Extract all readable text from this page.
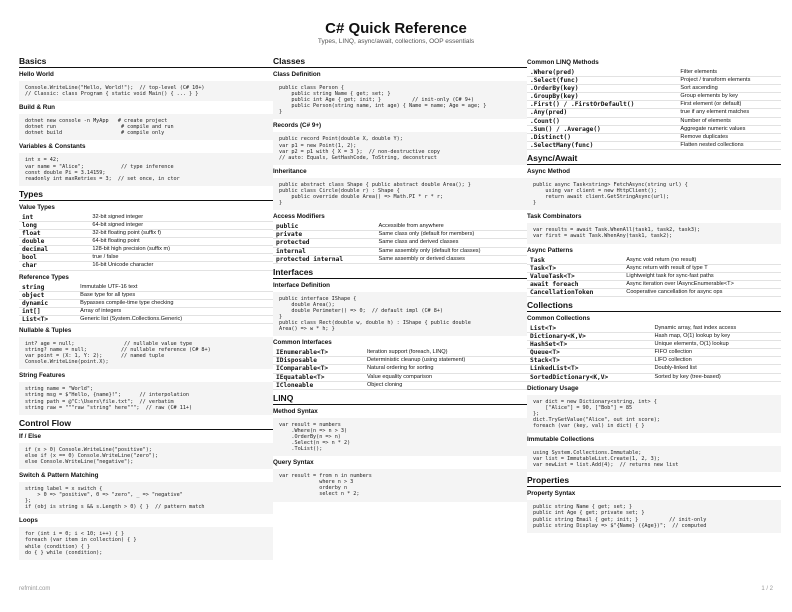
C# Quick Reference
Types, LINQ, async/await, collections, OOP essentials
Basics
Hello World
Console.WriteLine("Hello, World!");  // top-level (C# 10+)
// Classic: class Program { static void Main() { ... } }
Build & Run
dotnet new console -n MyApp   # create project
dotnet run                     # compile and run
dotnet build                   # compile only
Variables & Constants
int x = 42;
var name = "Alice";            // type inference
const double Pi = 3.14159;
readonly int maxRetries = 3;  // set once, in ctor
Types
Value Types
int	32-bit signed integer
long	64-bit signed integer
float	32-bit floating point (suffix f)
double	64-bit floating point
decimal	128-bit high precision (suffix m)
bool	true / false
char	16-bit Unicode character
Reference Types
string	Immutable UTF-16 text
object	Base type for all types
dynamic	Bypasses compile-time type checking
int[]	Array of integers
List<T>	Generic list (System.Collections.Generic)
Nullable & Tuples
int? age = null;                // nullable value type
string? name = null;           // nullable reference (C# 8+)
var point = (X: 1, Y: 2);      // named tuple
Console.WriteLine(point.X);
String Features
string name = "World";
string msg = $"Hello, {name}!";      // interpolation
string path = @"C:\Users\file.txt";  // verbatim
string raw = """raw "string" here""";  // raw (C# 11+)
Control Flow
If / Else
if (x > 0) Console.WriteLine("positive");
else if (x == 0) Console.WriteLine("zero");
else Console.WriteLine("negative");
Switch & Pattern Matching
string label = x switch {
> 0 => "positive", 0 => "zero", _ => "negative"
};
if (obj is string s && s.Length > 0) { }  // pattern match
Loops
for (int i = 0; i < 10; i++) { }
foreach (var item in collection) { }
while (condition) { }
do { } while (condition);
Classes
Class Definition
public class Person {
public string Name { get; set; }
public int Age { get; init; }          // init-only (C# 9+)
public Person(string name, int age) { Name = name; Age = age; }
}
Records (C# 9+)
public record Point(double X, double Y);
var p1 = new Point(1, 2);
var p2 = p1 with { X = 3 };  // non-destructive copy
// auto: Equals, GetHashCode, ToString, deconstruct
Inheritance
public abstract class Shape { public abstract double Area(); }
public class Circle(double r) : Shape {
public override double Area() => Math.PI * r * r;
}
Access Modifiers
public	Accessible from anywhere
private	Same class only (default for members)
protected	Same class and derived classes
internal	Same assembly only (default for classes)
protected internal	Same assembly or derived classes
Interfaces
Interface Definition
public interface IShape {
double Area();
double Perimeter() => 0;  // default impl (C# 8+)
}
public class Rect(double w, double h) : IShape { public double
Area() => w * h; }
Common Interfaces
IEnumerable<T>	Iteration support (foreach, LINQ)
IDisposable	Deterministic cleanup (using statement)
IComparable<T>	Natural ordering for sorting
IEquatable<T>	Value equality comparison
ICloneable	Object cloning
LINQ
Method Syntax
var result = numbers
.Where(n => n > 3)
.OrderBy(n => n)
.Select(n => n * 2)
.ToList();
Query Syntax
var result = from n in numbers
where n > 3
orderby n
select n * 2;
Common LINQ Methods
.Where(pred)	Filter elements
.Select(func)	Project / transform elements
.OrderBy(key)	Sort ascending
.GroupBy(key)	Group elements by key
.First() / .FirstOrDefault()	First element (or default)
.Any(pred)	true if any element matches
.Count()	Number of elements
.Sum() / .Average()	Aggregate numeric values
.Distinct()	Remove duplicates
.SelectMany(func)	Flatten nested collections
Async/Await
Async Method
public async Task<string> FetchAsync(string url) {
using var client = new HttpClient();
return await client.GetStringAsync(url);
}
Task Combinators
var results = await Task.WhenAll(task1, task2, task3);
var first = await Task.WhenAny(task1, task2);
Async Patterns
Task	Async void return (no result)
Task<T>	Async return with result of type T
ValueTask<T>	Lightweight task for sync-fast paths
await foreach	Async iteration over IAsyncEnumerable<T>
CancellationToken	Cooperative cancellation for async ops
Collections
Common Collections
List<T>	Dynamic array, fast index access
Dictionary<K,V>	Hash map, O(1) lookup by key
HashSet<T>	Unique elements, O(1) lookup
Queue<T>	FIFO collection
Stack<T>	LIFO collection
LinkedList<T>	Doubly-linked list
SortedDictionary<K,V>	Sorted by key (tree-based)
Dictionary Usage
var dict = new Dictionary<string, int> {
["Alice"] = 90, ["Bob"] = 85
};
dict.TryGetValue("Alice", out int score);
foreach (var (key, val) in dict) { }
Immutable Collections
using System.Collections.Immutable;
var list = ImmutableList.Create(1, 2, 3);
var newList = list.Add(4);  // returns new list
Properties
Property Syntax
public string Name { get; set; }
public int Age { get; private set; }
public string Email { get; init; }          // init-only
public string Display => $"{Name} ({Age})";  // computed
refmint.com	1 / 2
